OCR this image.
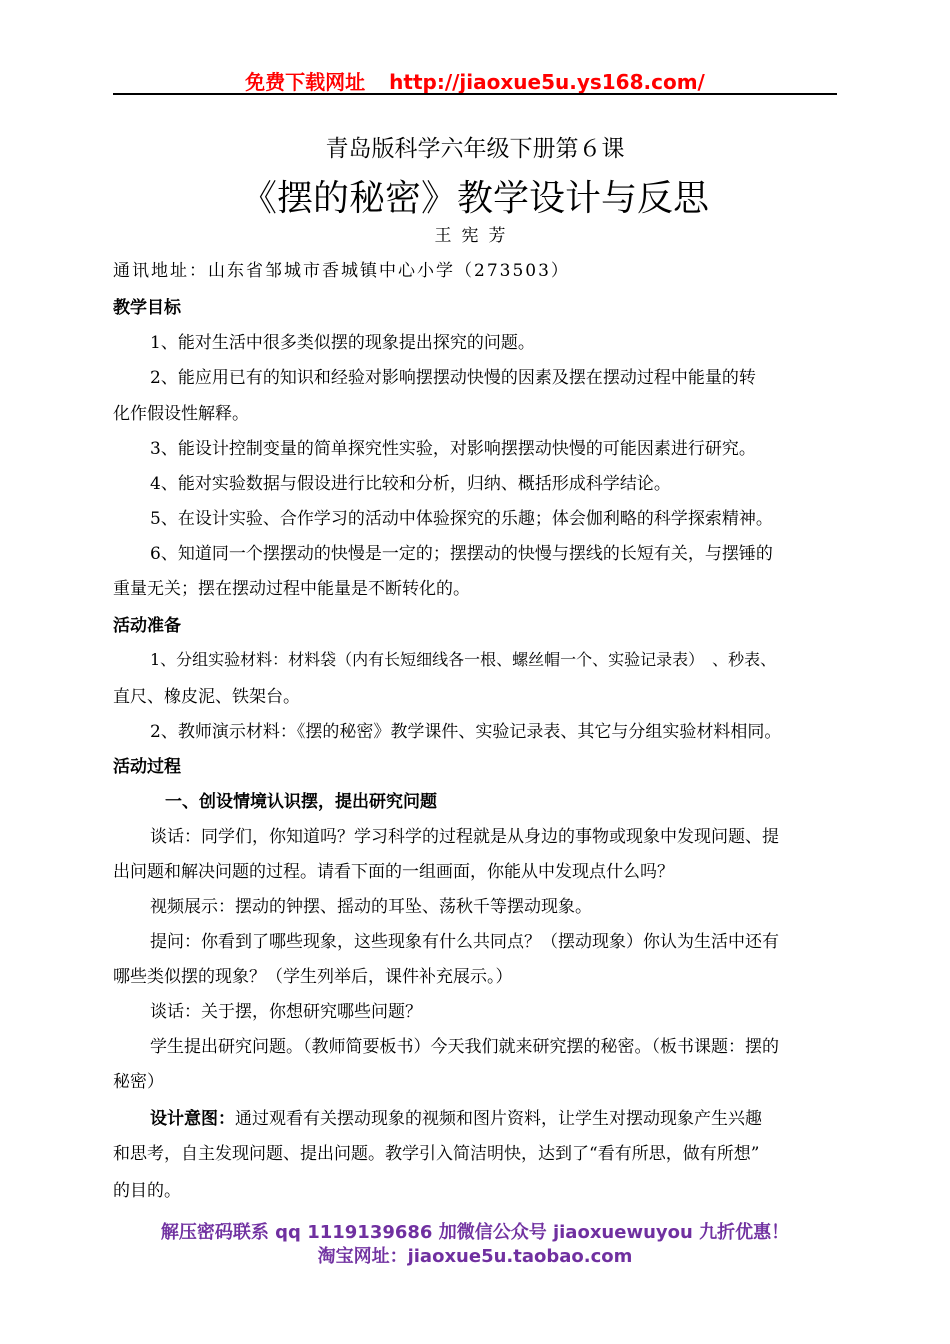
免费下载网址 http://jiaoxue5u.ys168.com/
青岛版科学六年级下册第６课
《摆的秘密》教学设计与反思
王宪芳
通讯地址：山东省邹城市香城镇中心小学（273503）
教学目标
1、能对生活中很多类似摆的现象提出探究的问题。
2、能应用已有的知识和经验对影响摆摆动快慢的因素及摆在摆动过程中能量的转
化作假设性解释。
3、能设计控制变量的简单探究性实验，对影响摆摆动快慢的可能因素进行研究。
4、能对实验数据与假设进行比较和分析，归纳、概括形成科学结论。
5、在设计实验、合作学习的活动中体验探究的乐趣；体会伽利略的科学探索精神。
6、知道同一个摆摆动的快慢是一定的；摆摆动的快慢与摆线的长短有关，与摆锤的
重量无关；摆在摆动过程中能量是不断转化的。
活动准备
1、分组实验材料：材料袋（内有长短细线各一根、螺丝帽一个、实验记录表）　、秒表、
直尺、橡皮泥、铁架台。
2、教师演示材料：《摆的秘密》教学课件、实验记录表、其它与分组实验材料相同。
活动过程
一、创设情境认识摆，提出研究问题
谈话：同学们，你知道吗？学习科学的过程就是从身边的事物或现象中发现问题、提
出问题和解决问题的过程。请看下面的一组画面，你能从中发现点什么吗？
视频展示：摆动的钟摆、摇动的耳坠、荡秋千等摆动现象。
提问：你看到了哪些现象，这些现象有什么共同点？（摆动现象）你认为生活中还有
哪些类似摆的现象？（学生列举后，课件补充展示。）
谈话：关于摆，你想研究哪些问题？
学生提出研究问题。（教师简要板书）今天我们就来研究摆的秘密。（板书课题：摆的
秘密）
设计意图：通过观看有关摆动现象的视频和图片资料，让学生对摆动现象产生兴趣
和思考，自主发现问题、提出问题。教学引入简洁明快，达到了“看有所思，做有所想”
的目的。
解压密码联系 qq 1119139686 加微信公众号 jiaoxuewuyou 九折优惠！
淘宝网址：jiaoxue5u.taobao.com
